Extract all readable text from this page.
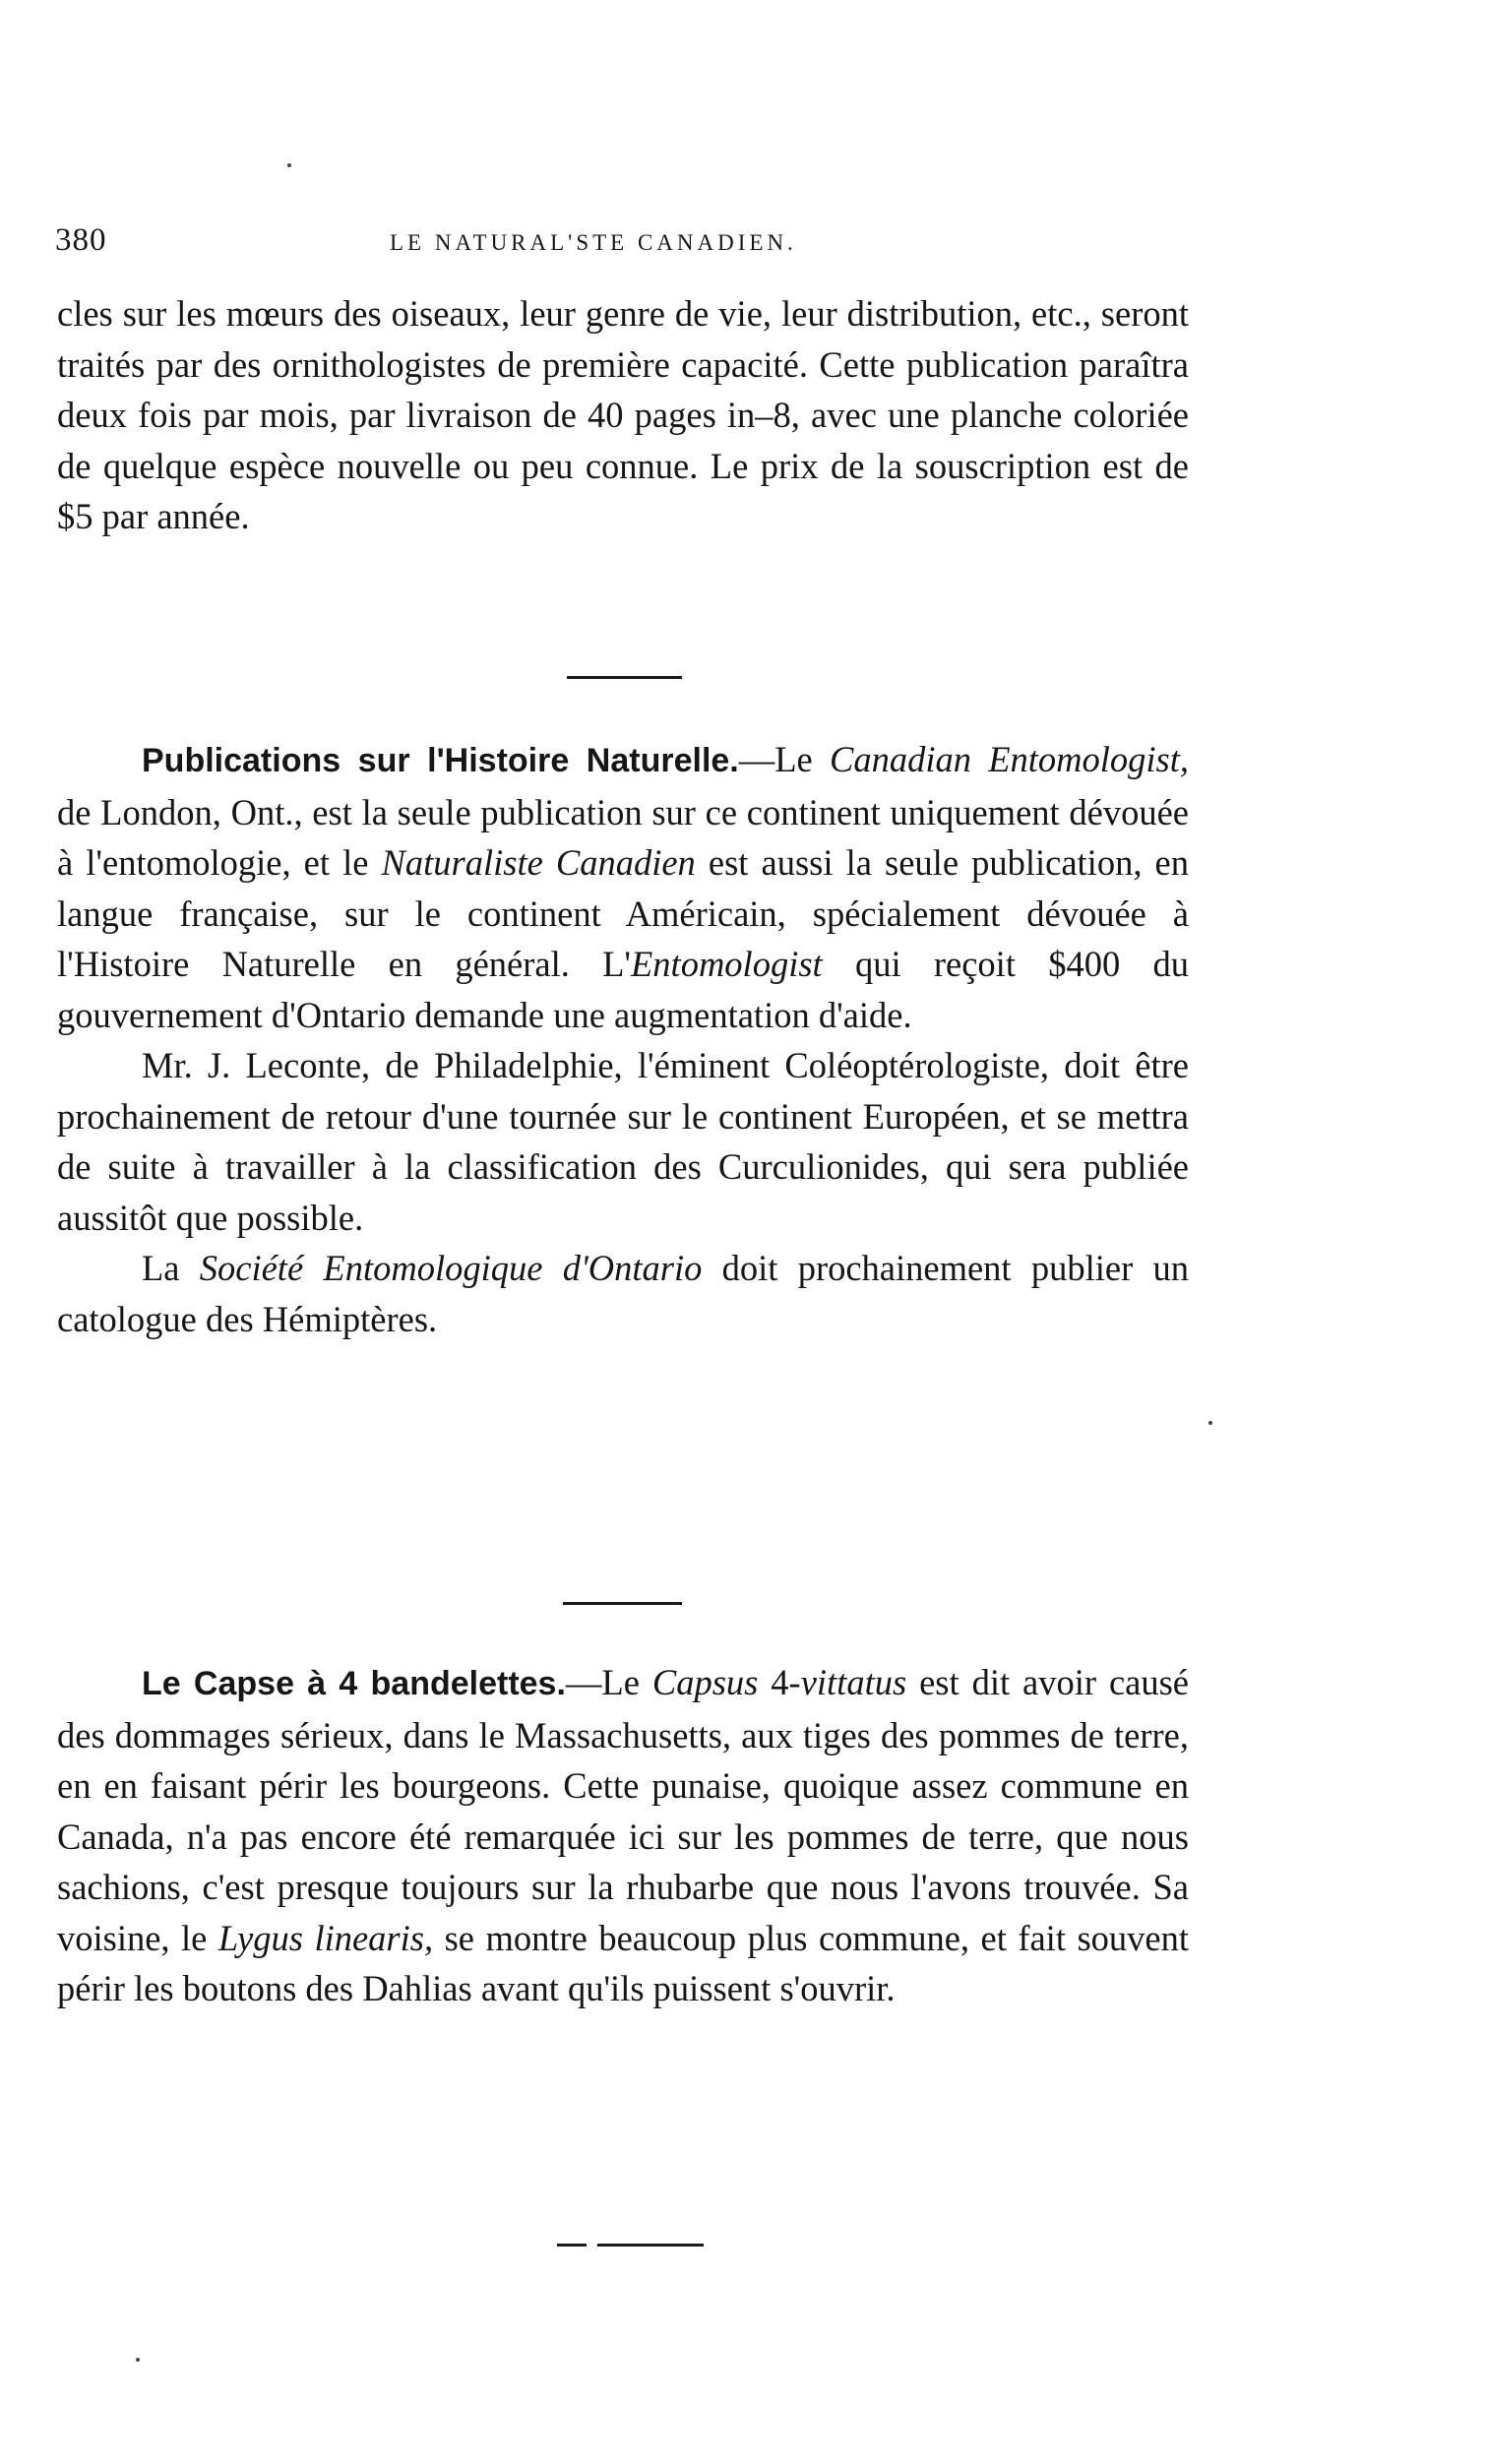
380	LE NATURAL'STE CANADIEN.

cles sur les mœurs des oiseaux, leur genre de vie, leur distribution, etc., seront traités par des ornithologistes de première capacité. Cette publication paraîtra deux fois par mois, par livraison de 40 pages in–8, avec une planche coloriée de quelque espèce nouvelle ou peu connue. Le prix de la souscription est de $5 par année.

Publications sur l'Histoire Naturelle.—Le Canadian Entomologist, de London, Ont., est la seule publication sur ce continent uniquement dévouée à l'entomologie, et le Naturaliste Canadien est aussi la seule publication, en langue française, sur le continent Américain, spécialement dévouée à l'Histoire Naturelle en général. L'Entomologist qui reçoit $400 du gouvernement d'Ontario demande une augmentation d'aide.

Mr. J. Leconte, de Philadelphie, l'éminent Coléoptérologiste, doit être prochainement de retour d'une tournée sur le continent Européen, et se mettra de suite à travailler à la classification des Curculionides, qui sera publiée aussitôt que possible.

La Société Entomologique d'Ontario doit prochainement publier un catologue des Hémiptères.

Le Capse à 4 bandelettes.—Le Capsus 4-vittatus est dit avoir causé des dommages sérieux, dans le Massachusetts, aux tiges des pommes de terre, en en faisant périr les bourgeons. Cette punaise, quoique assez commune en Canada, n'a pas encore été remarquée ici sur les pommes de terre, que nous sachions, c'est presque toujours sur la rhubarbe que nous l'avons trouvée. Sa voisine, le Lygus linearis, se montre beaucoup plus commune, et fait souvent périr les boutons des Dahlias avant qu'ils puissent s'ouvrir.
